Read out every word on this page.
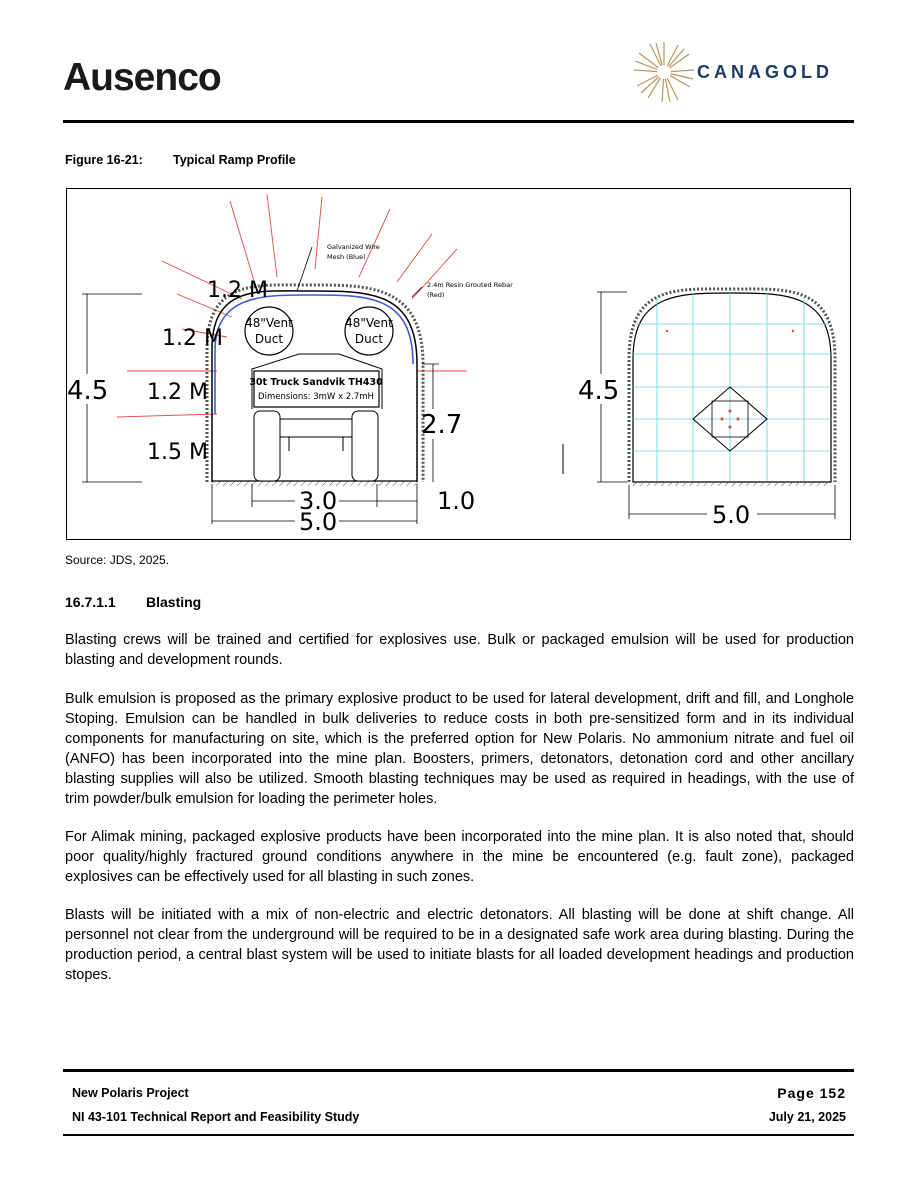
Ausenco	CANAGOLD
Figure 16-21: Typical Ramp Profile
48"Vent
Duct
48"Vent
Duct
30t Truck Sandvik TH430
Dimensions: 3mW x 2.7mH
Galvanized Wire
Mesh (Blue)
2.4m Resin Grouted Rebar
(Red)
1.2 M
1.2 M
1.2 M
1.5 M
4.5
2.7
3.0	1.0
5.0
4.5
5.0
Source: JDS, 2025.
16.7.1.1 Blasting
Blasting crews will be trained and certified for explosives use. Bulk or packaged emulsion will be used for production blasting and development rounds.
Bulk emulsion is proposed as the primary explosive product to be used for lateral development, drift and fill, and Longhole Stoping. Emulsion can be handled in bulk deliveries to reduce costs in both pre-sensitized form and in its individual components for manufacturing on site, which is the preferred option for New Polaris. No ammonium nitrate and fuel oil (ANFO) has been incorporated into the mine plan. Boosters, primers, detonators, detonation cord and other ancillary blasting supplies will also be utilized. Smooth blasting techniques may be used as required in headings, with the use of trim powder/bulk emulsion for loading the perimeter holes.
For Alimak mining, packaged explosive products have been incorporated into the mine plan. It is also noted that, should poor quality/highly fractured ground conditions anywhere in the mine be encountered (e.g. fault zone), packaged explosives can be effectively used for all blasting in such zones.
Blasts will be initiated with a mix of non-electric and electric detonators. All blasting will be done at shift change. All personnel not clear from the underground will be required to be in a designated safe work area during blasting. During the production period, a central blast system will be used to initiate blasts for all loaded development headings and production stopes.
New Polaris Project
NI 43-101 Technical Report and Feasibility Study
Page 152
July 21, 2025
